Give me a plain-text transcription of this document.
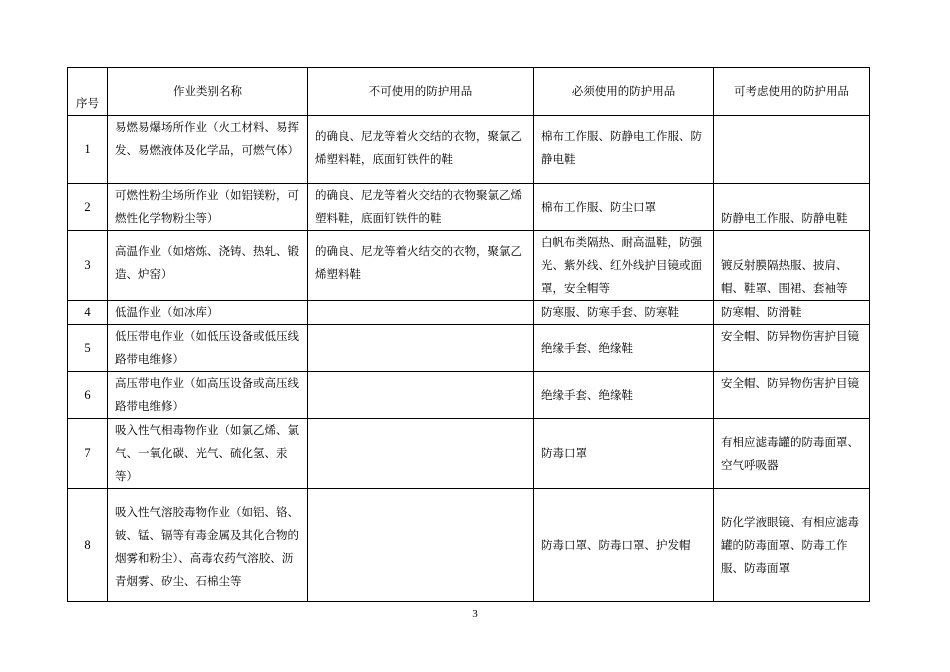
序号	作业类别名称	不可使用的防护用品	必须使用的防护用品	可考虑使用的防护用品
1	易燃易爆场所作业（火工材料、易挥发、易燃液体及化学品，可燃气体）	的确良、尼龙等着火交结的衣物，聚氯乙烯塑料鞋，底面钉铁件的鞋	棉布工作服、防静电工作服、防静电鞋	
2	可燃性粉尘场所作业（如铝镁粉，可燃性化学物粉尘等）	的确良、尼龙等着火交结的衣物聚氯乙烯塑料鞋，底面钉铁件的鞋	棉布工作服、防尘口罩	防静电工作服、防静电鞋
3	高温作业（如熔炼、浇铸、热轧、锻造、炉窑）	的确良、尼龙等着火结交的衣物，聚氯乙烯塑料鞋	白帆布类隔热、耐高温鞋，防强光、紫外线、红外线护目镜或面罩，安全帽等	镀反射膜隔热服、披肩、帽、鞋罩、围裙、套袖等
4	低温作业（如冰库）		防寒服、防寒手套、防寒鞋	防寒帽、防滑鞋
5	低压带电作业（如低压设备或低压线路带电维修）		绝缘手套、绝缘鞋	安全帽、防异物伤害护目镜
6	高压带电作业（如高压设备或高压线路带电维修）		绝缘手套、绝缘鞋	安全帽、防异物伤害护目镜
7	吸入性气相毒物作业（如氯乙烯、氯气、一氧化碳、光气、硫化氢、汞等）		防毒口罩	有相应滤毒罐的防毒面罩、空气呼吸器
8	吸入性气溶胶毒物作业（如铝、铬、铍、锰、镉等有毒金属及其化合物的烟雾和粉尘）、高毒农药气溶胶、沥青烟雾、矽尘、石棉尘等		防毒口罩、防毒口罩、护发帽	防化学液眼镜、有相应滤毒罐的防毒面罩、防毒工作服、防毒面罩
3
